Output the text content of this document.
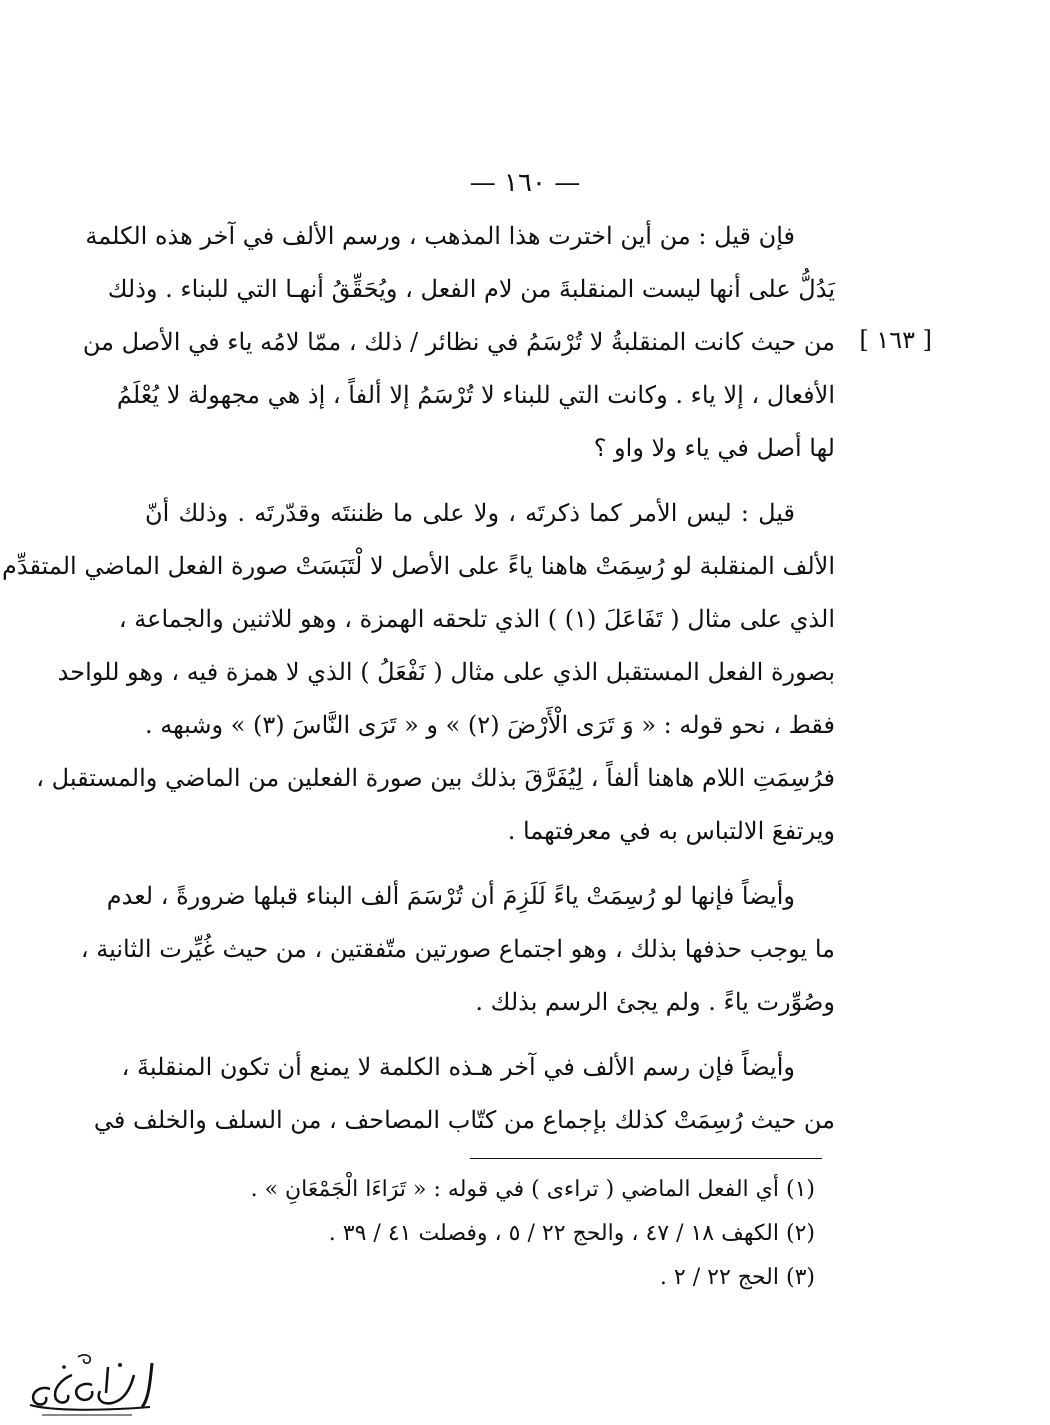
— ١٦٠ —
[ ١٦٣ ]
فإن قيل : من أين اخترت هذا المذهب ، ورسم الألف في آخر هذه الكلمة
يَدُلُّ على أنها ليست المنقلبةَ من لام الفعل ، ويُحَقِّقُ أنهـا التي للبناء . وذلك
من حيث كانت المنقلبةُ لا تُرْسَمُ في نظائر / ذلك ، ممّا لامُه ياء في الأصل من
الأفعال ، إلا ياء . وكانت التي للبناء لا تُرْسَمُ إلا ألفاً ، إذ هي مجهولة لا يُعْلَمُ
لها أصل في ياء ولا واو ؟
قيل : ليس الأمر كما ذكرتَه ، ولا على ما ظننتَه وقدّرتَه . وذلك أنّ
الألف المنقلبة لو رُسِمَتْ هاهنا ياءً على الأصل لا لْتَبَسَتْ صورة الفعل الماضي المتقدِّم
الذي على مثال ( تَفَاعَلَ (١) ) الذي تلحقه الهمزة ، وهو للاثنين والجماعة ،
بصورة الفعل المستقبل الذي على مثال ( نَفْعَلُ ) الذي لا همزة فيه ، وهو للواحد
فقط ، نحو قوله : « وَ تَرَى الْأَرْضَ (٢) » و « تَرَى النَّاسَ (٣) » وشبهه .
فرُسِمَتِ اللام هاهنا ألفاً ، لِيُفَرَّقَ بذلك بين صورة الفعلين من الماضي والمستقبل ،
ويرتفعَ الالتباس به في معرفتهما .
وأيضاً فإنها لو رُسِمَتْ ياءً لَلَزِمَ أن تُرْسَمَ ألف البناء قبلها ضرورةً ، لعدم
ما يوجب حذفها بذلك ، وهو اجتماع صورتين متّفقتين ، من حيث غُيِّرت الثانية ،
وصُوِّرت ياءً . ولم يجئ الرسم بذلك .
وأيضاً فإن رسم الألف في آخر هـذه الكلمة لا يمنع أن تكون المنقلبةَ ،
من حيث رُسِمَتْ كذلك بإجماع من كتّاب المصاحف ، من السلف والخلف في
(١) أي الفعل الماضي ( تراءى ) في قوله : « تَرَاءَا الْجَمْعَانِ » .
(٢) الكهف ١٨ / ٤٧ ، والحج ٢٢ / ٥ ، وفصلت ٤١ / ٣٩ .
(٣) الحج ٢٢ / ٢ .
